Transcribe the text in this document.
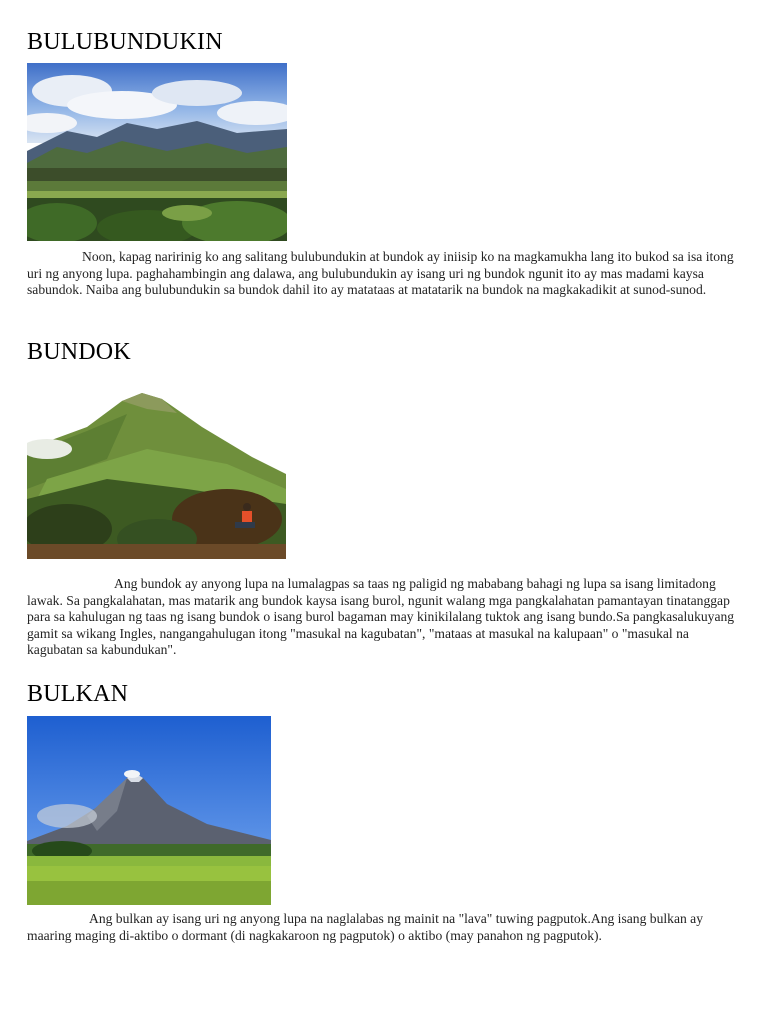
BULUBUNDUKIN

Noon, kapag naririnig ko ang salitang bulubundukin at bundok ay iniisip ko na magkamukha lang ito bukod sa isa itong uri ng anyong lupa. paghahambingin ang dalawa, ang bulubundukin ay isang uri ng bundok ngunit ito ay mas madami kaysa sabundok. Naiba ang bulubundukin sa bundok dahil ito ay matataas at matatarik na bundok na magkakadikit at sunod-sunod.

BUNDOK

Ang bundok ay anyong lupa na lumalagpas sa taas ng paligid ng mababang bahagi ng lupa sa isang limitadong lawak. Sa pangkalahatan, mas matarik ang bundok kaysa isang burol, ngunit walang mga pangkalahatan pamantayan tinatanggap para sa kahulugan ng taas ng isang bundok o isang burol bagaman may kinikilalang tuktok ang isang bundo.Sa pangkasalukuyang gamit sa wikang Ingles, nangangahulugan itong "masukal na kagubatan", "mataas at masukal na kalupaan" o "masukal na kagubatan sa kabundukan".

BULKAN

Ang bulkan ay isang uri ng anyong lupa na naglalabas ng mainit na "lava" tuwing pagputok.Ang isang bulkan ay maaring maging di-aktibo o dormant (di nagkakaroon ng pagputok) o aktibo (may panahon ng pagputok).
